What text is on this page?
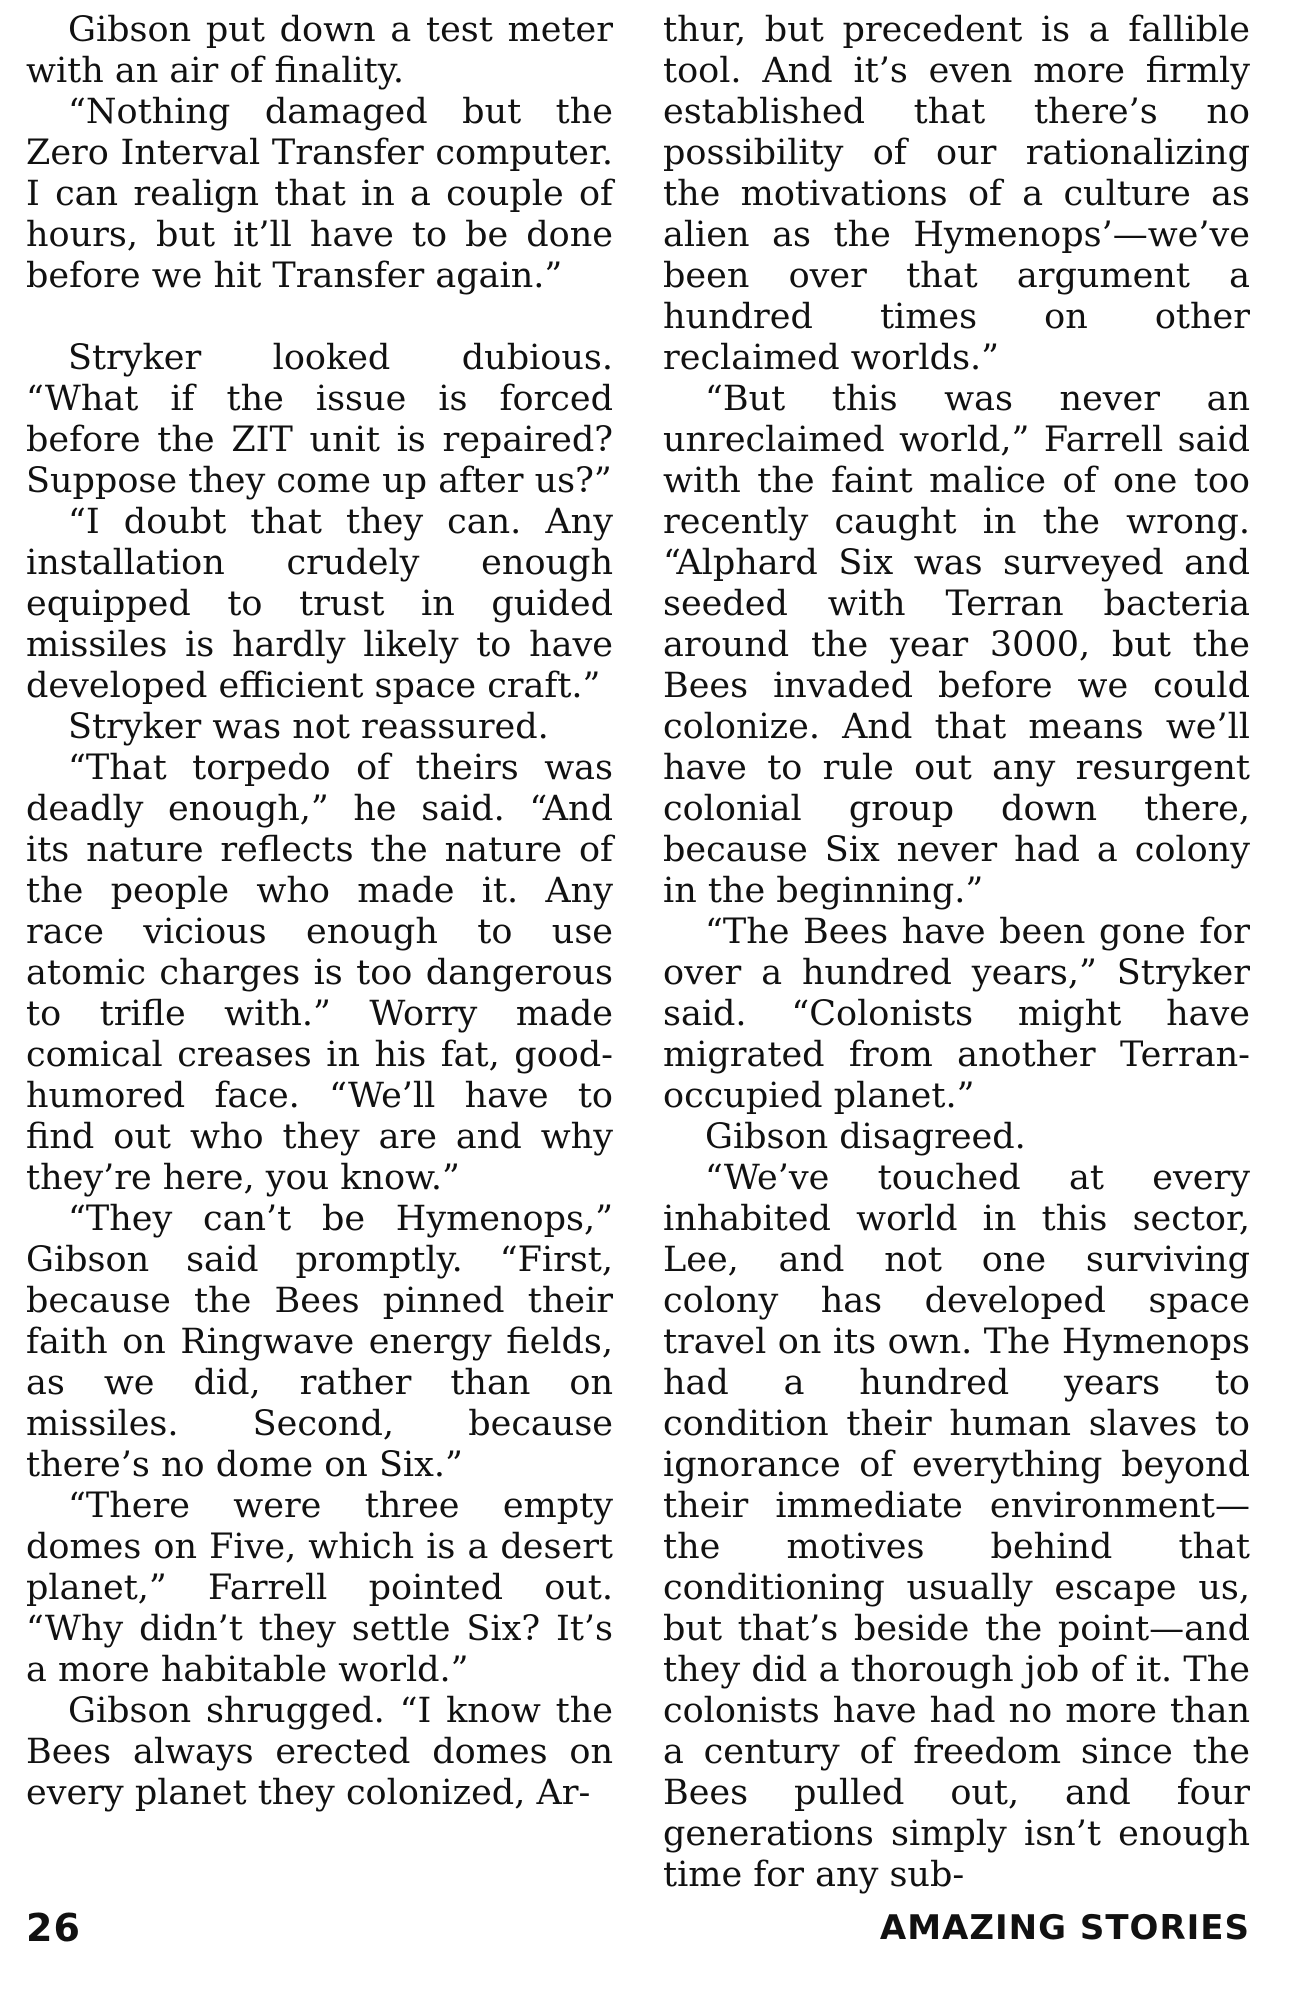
Gibson put down a test meter with an air of finality.

“Nothing damaged but the Zero Interval Transfer computer. I can realign that in a couple of hours, but it’ll have to be done before we hit Transfer again.”

Stryker looked dubious. “What if the issue is forced before the ZIT unit is repaired? Suppose they come up after us?”

“I doubt that they can. Any installation crudely enough equipped to trust in guided missiles is hardly likely to have developed efficient space craft.”

Stryker was not reassured.

“That torpedo of theirs was deadly enough,” he said. “And its nature reflects the nature of the people who made it. Any race vicious enough to use atomic charges is too dangerous to trifle with.” Worry made comical creases in his fat, good-humored face. “We’ll have to find out who they are and why they’re here, you know.”

“They can’t be Hymenops,” Gibson said promptly. “First, because the Bees pinned their faith on Ringwave energy fields, as we did, rather than on missiles. Second, because there’s no dome on Six.”

“There were three empty domes on Five, which is a desert planet,” Farrell pointed out. “Why didn’t they settle Six? It’s a more habitable world.”

Gibson shrugged. “I know the Bees always erected domes on every planet they colonized, Ar-

thur, but precedent is a fallible tool. And it’s even more firmly established that there’s no possibility of our rationalizing the motivations of a culture as alien as the Hymenops’—we’ve been over that argument a hundred times on other reclaimed worlds.”

“But this was never an unreclaimed world,” Farrell said with the faint malice of one too recently caught in the wrong. “Alphard Six was surveyed and seeded with Terran bacteria around the year 3000, but the Bees invaded before we could colonize. And that means we’ll have to rule out any resurgent colonial group down there, because Six never had a colony in the beginning.”

“The Bees have been gone for over a hundred years,” Stryker said. “Colonists might have migrated from another Terran-occupied planet.”

Gibson disagreed.

“We’ve touched at every inhabited world in this sector, Lee, and not one surviving colony has developed space travel on its own. The Hymenops had a hundred years to condition their human slaves to ignorance of everything beyond their immediate environment—the motives behind that conditioning usually escape us, but that’s beside the point—and they did a thorough job of it. The colonists have had no more than a century of freedom since the Bees pulled out, and four generations simply isn’t enough time for any sub-

26	AMAZING STORIES
